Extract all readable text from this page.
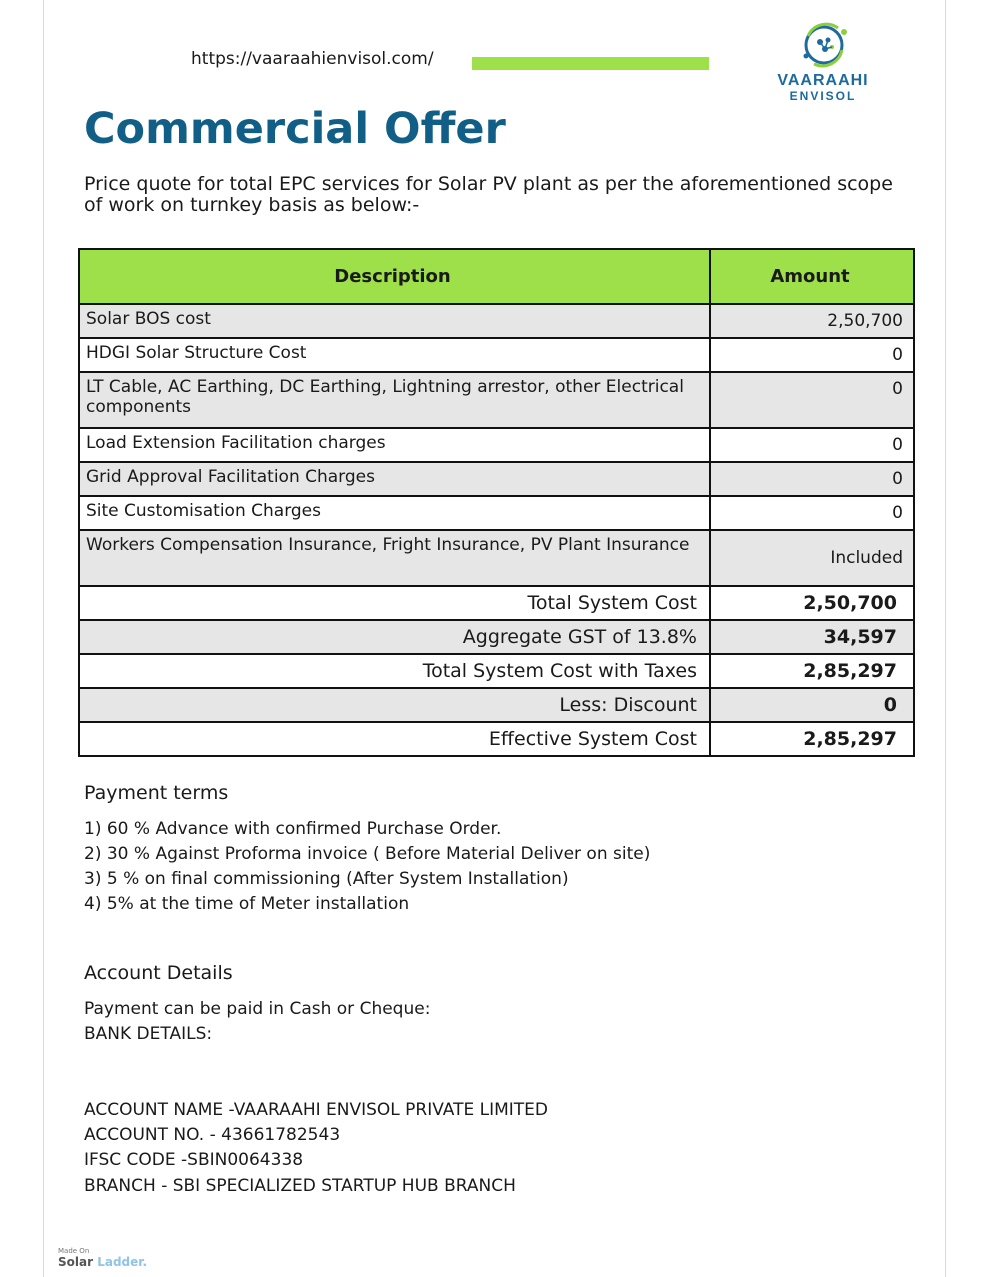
https://vaaraahienvisol.com/
VAARAAHI
ENVISOL
Commercial Offer
Price quote for total EPC services for Solar PV plant as per the aforementioned scope of work on turnkey basis as below:-
Description	Amount
Solar BOS cost	2,50,700
HDGI Solar Structure Cost	0
LT Cable, AC Earthing, DC Earthing, Lightning arrestor, other Electrical components	0
Load Extension Facilitation charges	0
Grid Approval Facilitation Charges	0
Site Customisation Charges	0
Workers Compensation Insurance, Fright Insurance, PV Plant Insurance	Included
Total System Cost	2,50,700
Aggregate GST of 13.8%	34,597
Total System Cost with Taxes	2,85,297
Less: Discount	0
Effective System Cost	2,85,297
Payment terms
1) 60 % Advance with confirmed Purchase Order.
2) 30 % Against Proforma invoice ( Before Material Deliver on site)
3) 5 % on final commissioning (After System Installation)
4) 5% at the time of Meter installation
Account Details
Payment can be paid in Cash or Cheque:
BANK DETAILS:
ACCOUNT NAME -VAARAAHI ENVISOL PRIVATE LIMITED
ACCOUNT NO. - 43661782543
IFSC CODE -SBIN0064338
BRANCH - SBI SPECIALIZED STARTUP HUB BRANCH
Made On
Solar Ladder.
